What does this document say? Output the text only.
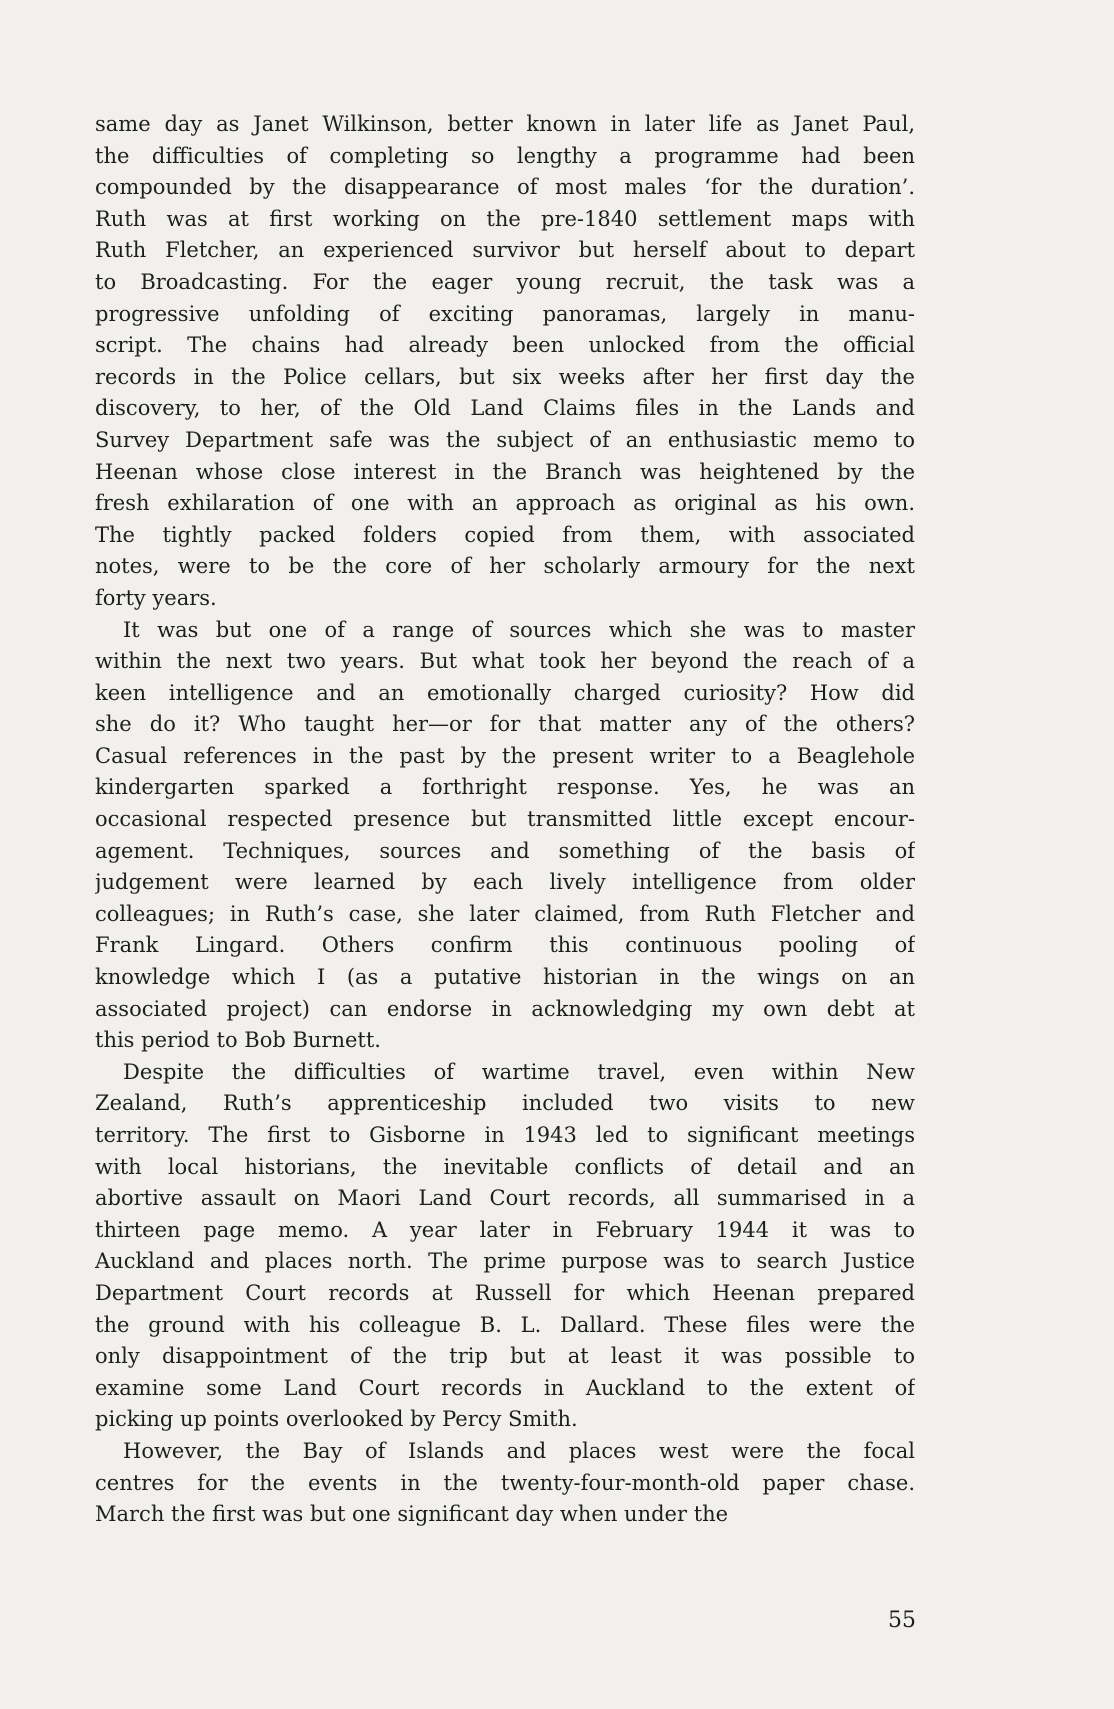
same day as Janet Wilkinson, better known in later life as Janet Paul,
the difficulties of completing so lengthy a programme had been
compounded by the disappearance of most males ‘for the duration’.
Ruth was at first working on the pre-1840 settlement maps with
Ruth Fletcher, an experienced survivor but herself about to depart
to Broadcasting. For the eager young recruit, the task was a
progressive unfolding of exciting panoramas, largely in manu-
script. The chains had already been unlocked from the official
records in the Police cellars, but six weeks after her first day the
discovery, to her, of the Old Land Claims files in the Lands and
Survey Department safe was the subject of an enthusiastic memo to
Heenan whose close interest in the Branch was heightened by the
fresh exhilaration of one with an approach as original as his own.
The tightly packed folders copied from them, with associated
notes, were to be the core of her scholarly armoury for the next
forty years.
It was but one of a range of sources which she was to master
within the next two years. But what took her beyond the reach of a
keen intelligence and an emotionally charged curiosity? How did
she do it? Who taught her—or for that matter any of the others?
Casual references in the past by the present writer to a Beaglehole
kindergarten sparked a forthright response. Yes, he was an
occasional respected presence but transmitted little except encour-
agement. Techniques, sources and something of the basis of
judgement were learned by each lively intelligence from older
colleagues; in Ruth’s case, she later claimed, from Ruth Fletcher and
Frank Lingard. Others confirm this continuous pooling of
knowledge which I (as a putative historian in the wings on an
associated project) can endorse in acknowledging my own debt at
this period to Bob Burnett.
Despite the difficulties of wartime travel, even within New
Zealand, Ruth’s apprenticeship included two visits to new
territory. The first to Gisborne in 1943 led to significant meetings
with local historians, the inevitable conflicts of detail and an
abortive assault on Maori Land Court records, all summarised in a
thirteen page memo. A year later in February 1944 it was to
Auckland and places north. The prime purpose was to search Justice
Department Court records at Russell for which Heenan prepared
the ground with his colleague B. L. Dallard. These files were the
only disappointment of the trip but at least it was possible to
examine some Land Court records in Auckland to the extent of
picking up points overlooked by Percy Smith.
However, the Bay of Islands and places west were the focal
centres for the events in the twenty-four-month-old paper chase.
March the first was but one significant day when under the
55
